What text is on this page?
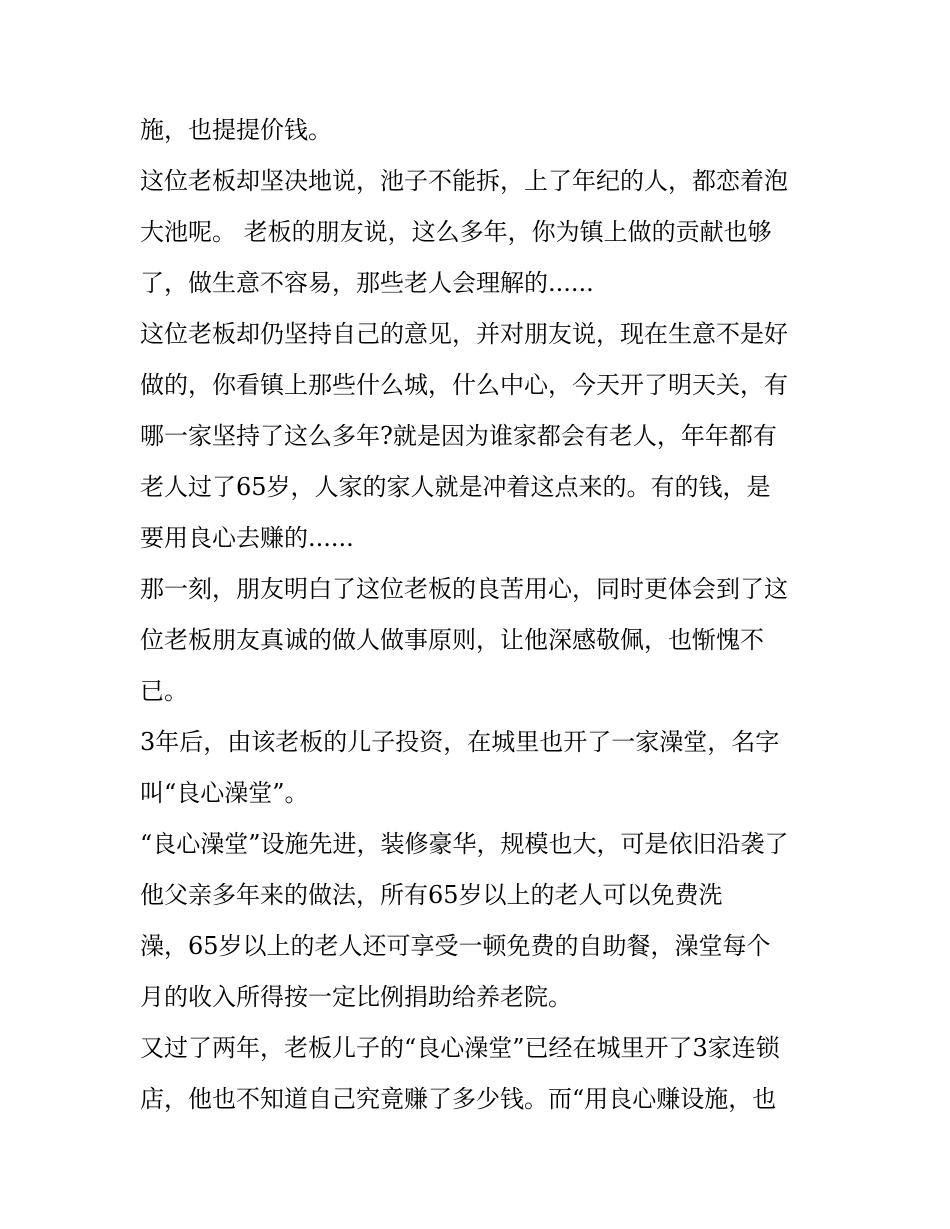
施，也提提价钱。
这位老板却坚决地说，池子不能拆，上了年纪的人，都恋着泡
大池呢。 老板的朋友说，这么多年，你为镇上做的贡献也够
了，做生意不容易，那些老人会理解的......
这位老板却仍坚持自己的意见，并对朋友说，现在生意不是好
做的，你看镇上那些什么城，什么中心，今天开了明天关，有
哪一家坚持了这么多年?就是因为谁家都会有老人，年年都有
老人过了65岁，人家的家人就是冲着这点来的。有的钱，是
要用良心去赚的......
那一刻，朋友明白了这位老板的良苦用心，同时更体会到了这
位老板朋友真诚的做人做事原则，让他深感敬佩，也惭愧不
已。
3年后，由该老板的儿子投资，在城里也开了一家澡堂，名字
叫“良心澡堂”。
“良心澡堂”设施先进，装修豪华，规模也大，可是依旧沿袭了
他父亲多年来的做法，所有65岁以上的老人可以免费洗
澡，65岁以上的老人还可享受一顿免费的自助餐，澡堂每个
月的收入所得按一定比例捐助给养老院。
又过了两年，老板儿子的“良心澡堂”已经在城里开了3家连锁
店，他也不知道自己究竟赚了多少钱。而“用良心赚设施，也
